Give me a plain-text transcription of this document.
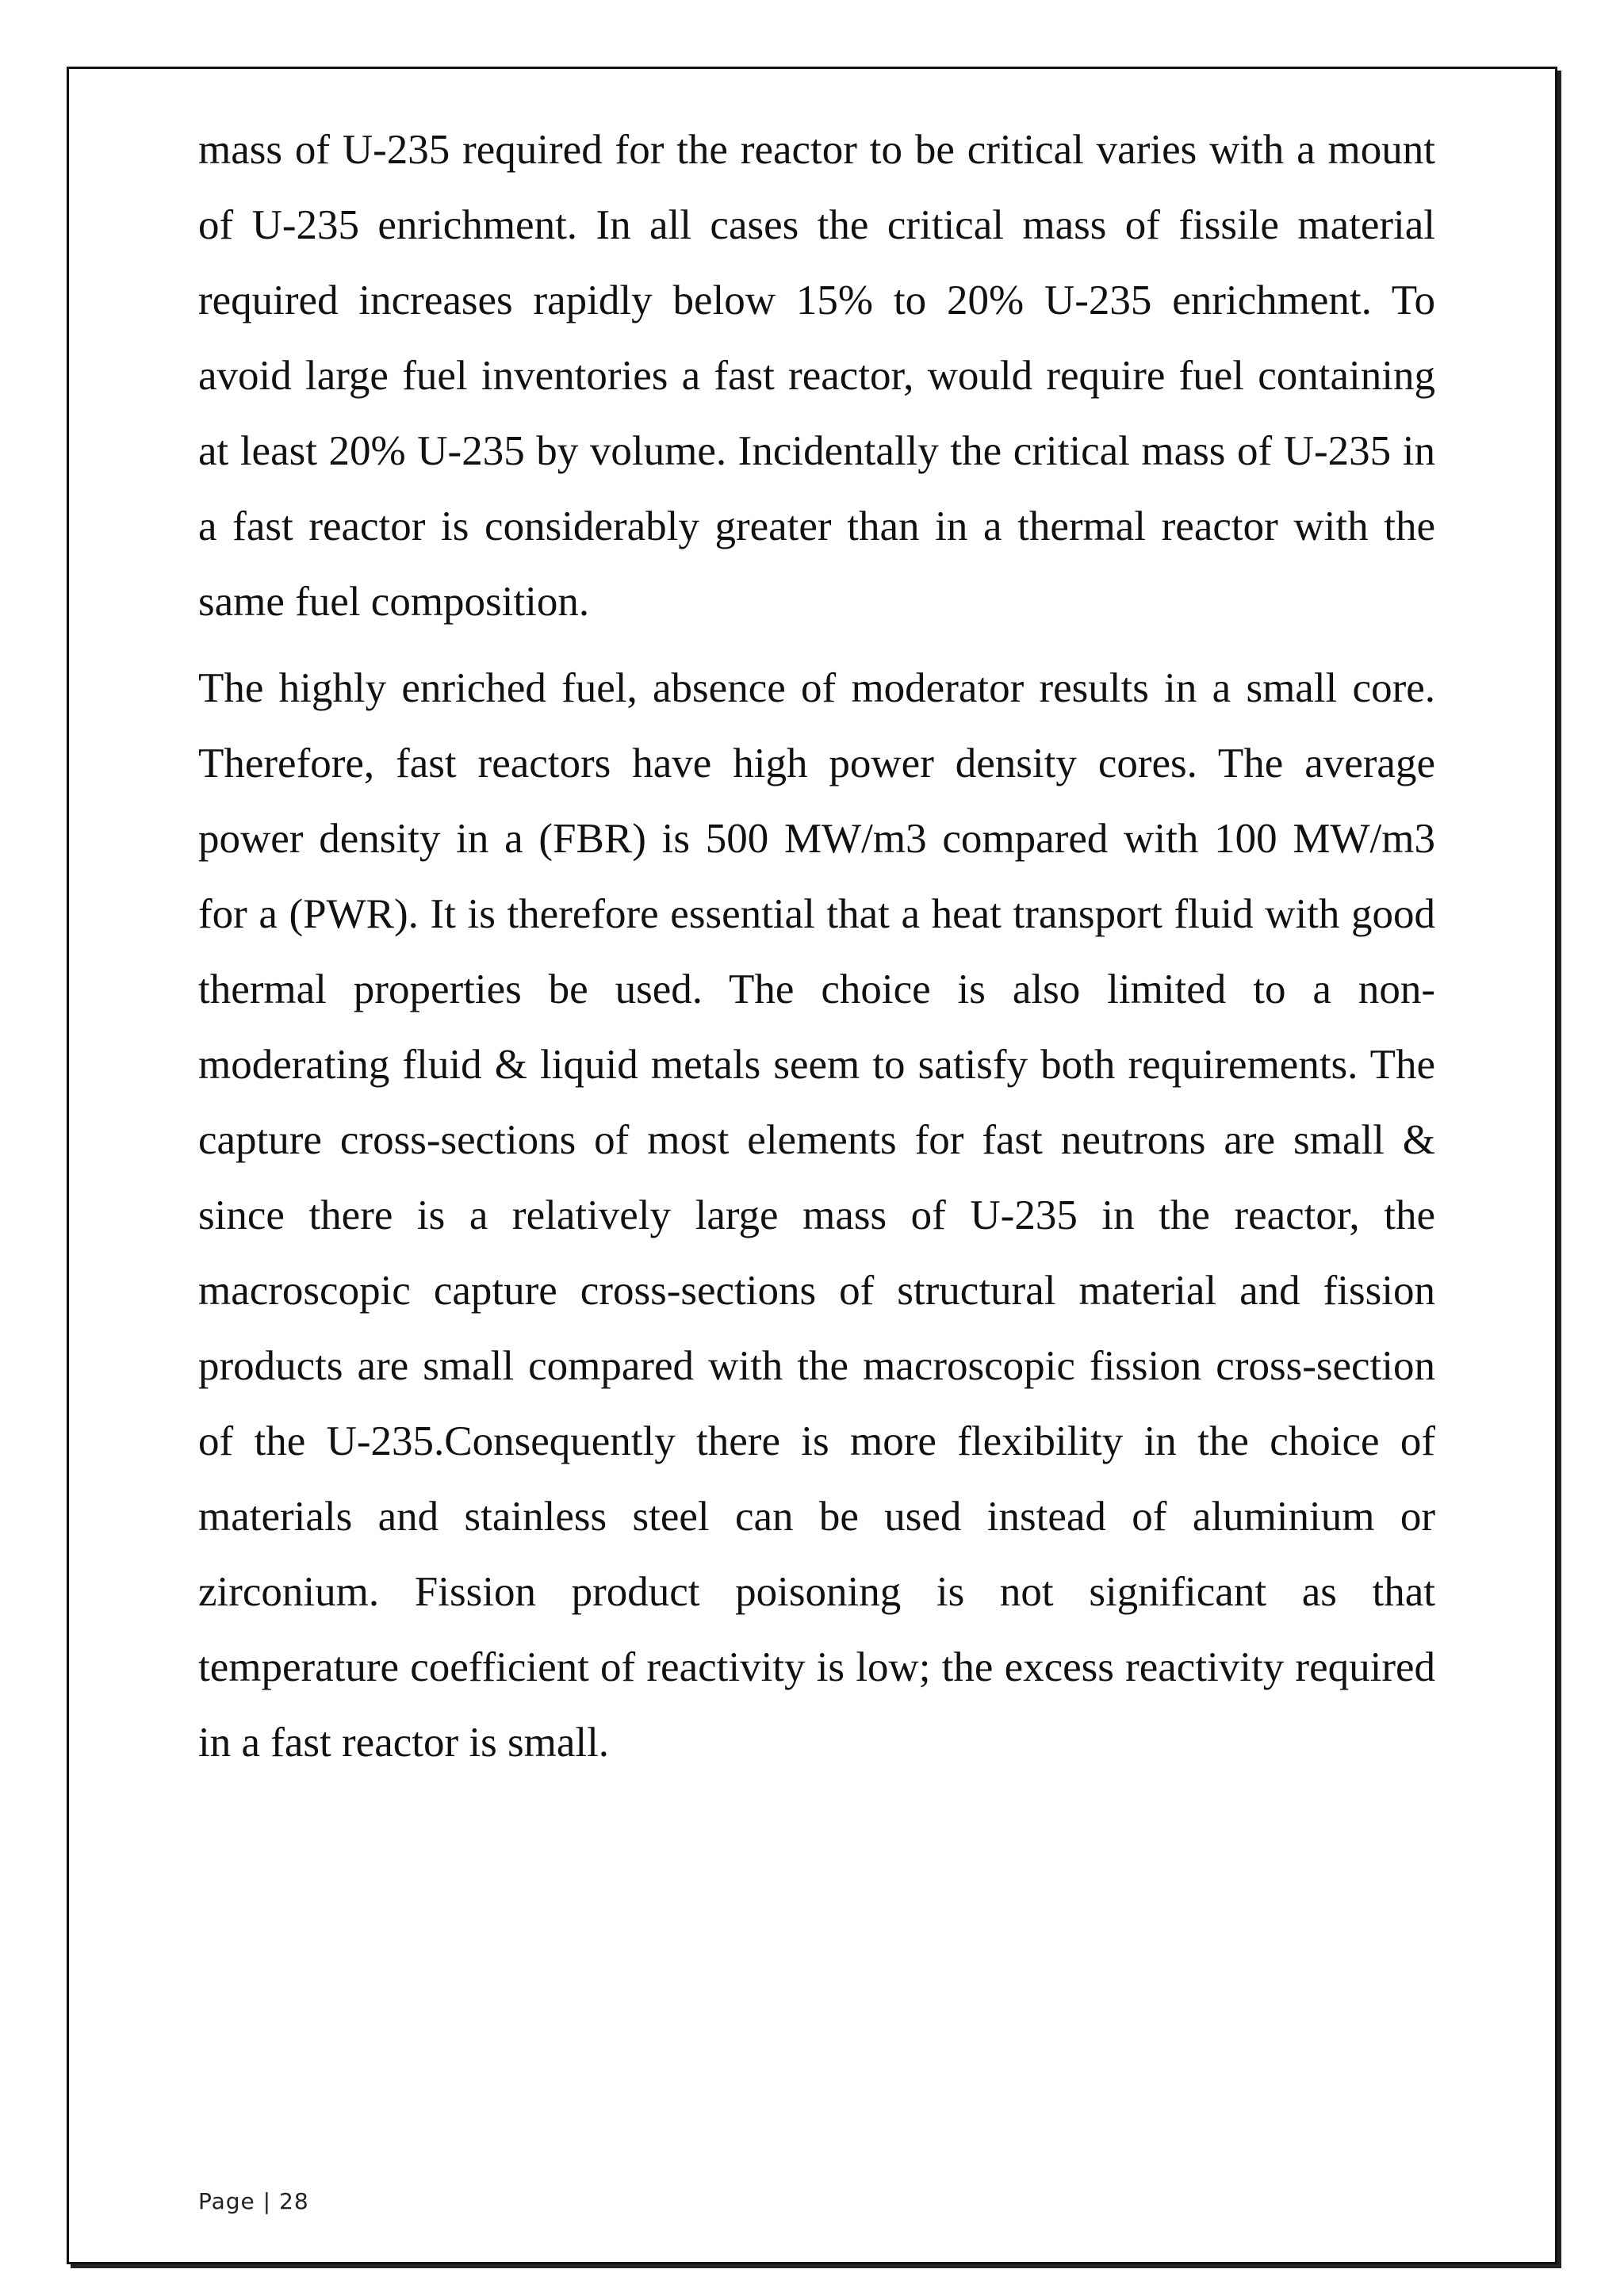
mass of U-235 required for the reactor to be critical varies with a mount of U-235 enrichment. In all cases the critical mass of fissile material required increases rapidly below 15% to 20% U-235 enrichment. To avoid large fuel inventories a fast reactor, would require fuel containing at least 20% U-235 by volume. Incidentally the critical mass of U-235 in a fast reactor is considerably greater than in a thermal reactor with the same fuel composition.

The highly enriched fuel, absence of moderator results in a small core. Therefore, fast reactors have high power density cores. The average power density in a (FBR) is 500 MW/m3 compared with 100 MW/m3 for a (PWR). It is therefore essential that a heat transport fluid with good thermal properties be used. The choice is also limited to a non-moderating fluid & liquid metals seem to satisfy both requirements. The capture cross-sections of most elements for fast neutrons are small & since there is a relatively large mass of U-235 in the reactor, the macroscopic capture cross-sections of structural material and fission products are small compared with the macroscopic fission cross-section of the U-235.Consequently there is more flexibility in the choice of materials and stainless steel can be used instead of aluminium or zirconium. Fission product poisoning is not significant as that temperature coefficient of reactivity is low; the excess reactivity required in a fast reactor is small.

Page | 28
